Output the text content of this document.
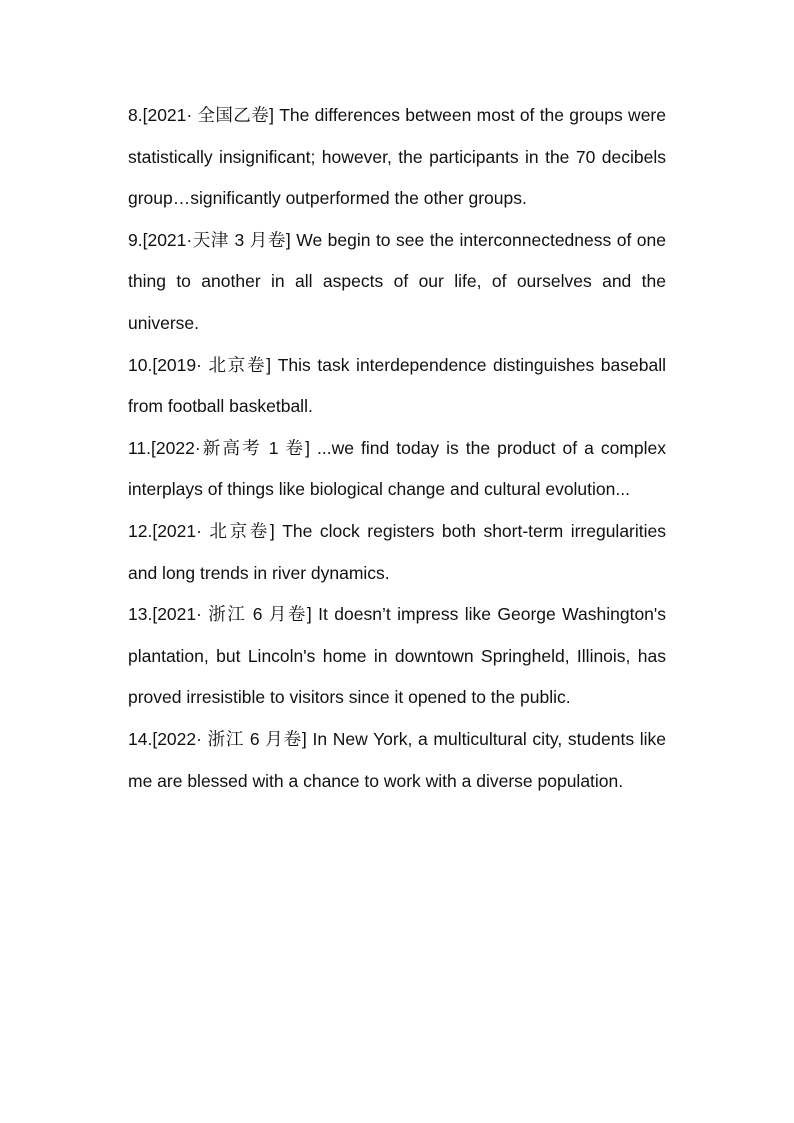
8.[2021· 全国乙卷] The differences between most of the groups were statistically insignificant; however, the participants in the 70 decibels group…significantly outperformed the other groups.

9.[2021·天津 3 月卷] We begin to see the interconnectedness of one thing to another in all aspects of our life, of ourselves and the universe.

10.[2019· 北京卷] This task interdependence distinguishes baseball from football basketball.

11.[2022·新高考 1 卷] ...we find today is the product of a complex interplays of things like biological change and cultural evolution...

12.[2021· 北京卷] The clock registers both short-term irregularities and long trends in river dynamics.

13.[2021· 浙江 6 月卷] It doesn’t impress like George Washington's plantation, but Lincoln's home in downtown Springheld, Illinois, has proved irresistible to visitors since it opened to the public.

14.[2022· 浙江 6 月卷] In New York, a multicultural city, students like me are blessed with a chance to work with a diverse population.
